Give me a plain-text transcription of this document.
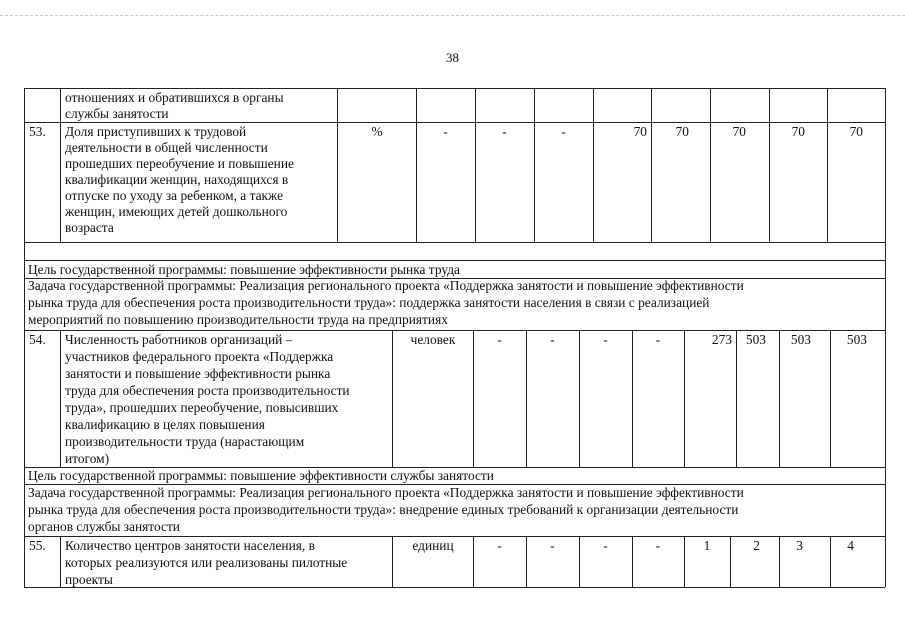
38
отношениях и обратившихся в органы
службы занятости
53. Доля приступивших к трудовой
деятельности в общей численности
прошедших переобучение и повышение
квалификации женщин, находящихся в
отпуске по уходу за ребенком, а также
женщин, имеющих детей дошкольного
возраста
%	-	-	-	70	70	70	70	70
Цель государственной программы: повышение эффективности рынка труда
Задача государственной программы: Реализация регионального проекта «Поддержка занятости и повышение эффективности
рынка труда для обеспечения роста производительности труда»: поддержка занятости населения в связи с реализацией
мероприятий по повышению производительности труда на предприятиях
54. Численность работников организаций –
участников федерального проекта «Поддержка
занятости и повышение эффективности рынка
труда для обеспечения роста производительности
труда», прошедших переобучение, повысивших
квалификацию в целях повышения
производительности труда (нарастающим
итогом)
человек	-	-	-	-	273	503	503	503
Цель государственной программы: повышение эффективности службы занятости
Задача государственной программы: Реализация регионального проекта «Поддержка занятости и повышение эффективности
рынка труда для обеспечения роста производительности труда»: внедрение единых требований к организации деятельности
органов службы занятости
55. Количество центров занятости населения, в
которых реализуются или реализованы пилотные
проекты
единиц	-	-	-	-	1	2	3	4
